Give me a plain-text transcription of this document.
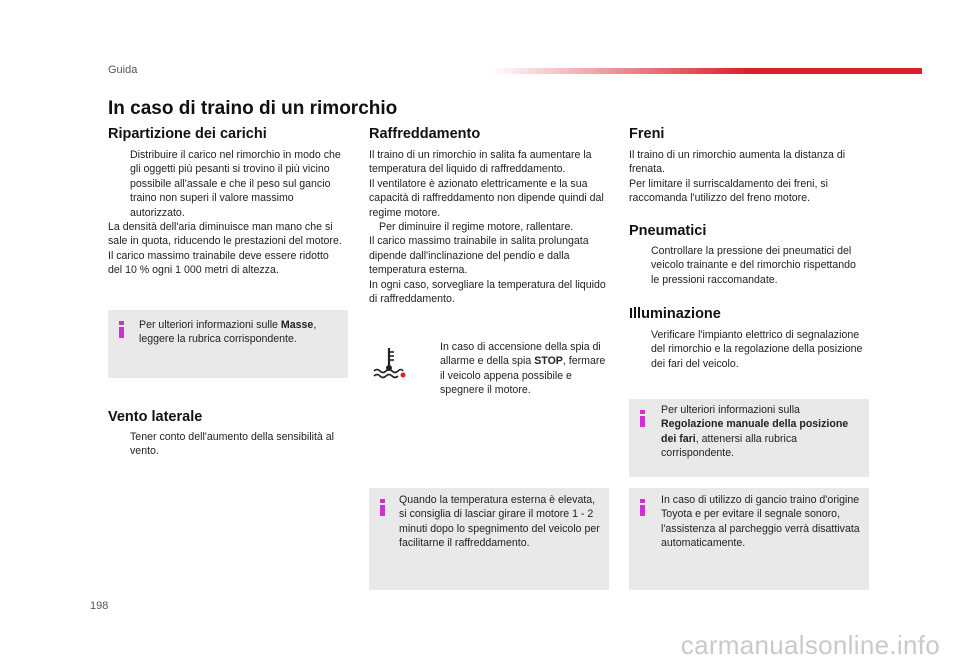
Guida
In caso di traino di un rimorchio
Ripartizione dei carichi

Distribuire il carico nel rimorchio in modo che gli oggetti più pesanti si trovino il più vicino possibile all'assale e che il peso sul gancio traino non superi il valore massimo autorizzato.

La densità dell'aria diminuisce man mano che si sale in quota, riducendo le prestazioni del motore. Il carico massimo trainabile deve essere ridotto del 10 % ogni 1 000 metri di altezza.

Per ulteriori informazioni sulle Masse, leggere la rubrica corrispondente.
Vento laterale

Tener conto dell'aumento della sensibilità al vento.

Raffreddamento

Il traino di un rimorchio in salita fa aumentare la temperatura del liquido di raffreddamento.

Il ventilatore è azionato elettricamente e la sua capacità di raffreddamento non dipende quindi dal regime motore.

Per diminuire il regime motore, rallentare.

Il carico massimo trainabile in salita prolungata dipende dall'inclinazione del pendio e dalla temperatura esterna.

In ogni caso, sorvegliare la temperatura del liquido di raffreddamento.

In caso di accensione della spia di allarme e della spia STOP, fermare il veicolo appena possibile e spegnere il motore.

Quando la temperatura esterna è elevata, si consiglia di lasciar girare il motore 1 - 2 minuti dopo lo spegnimento del veicolo per facilitarne il raffreddamento.
Freni

Il traino di un rimorchio aumenta la distanza di frenata.

Per limitare il surriscaldamento dei freni, si raccomanda l'utilizzo del freno motore.

Pneumatici

Controllare la pressione dei pneumatici del veicolo trainante e del rimorchio rispettando le pressioni raccomandate.

Illuminazione

Verificare l'impianto elettrico di segnalazione del rimorchio e la regolazione della posizione dei fari del veicolo.

Per ulteriori informazioni sulla Regolazione manuale della posizione dei fari, attenersi alla rubrica corrispondente.
In caso di utilizzo di gancio traino d'origine Toyota e per evitare il segnale sonoro, l'assistenza al parcheggio verrà disattivata automaticamente.
198
carmanualsonline.info
